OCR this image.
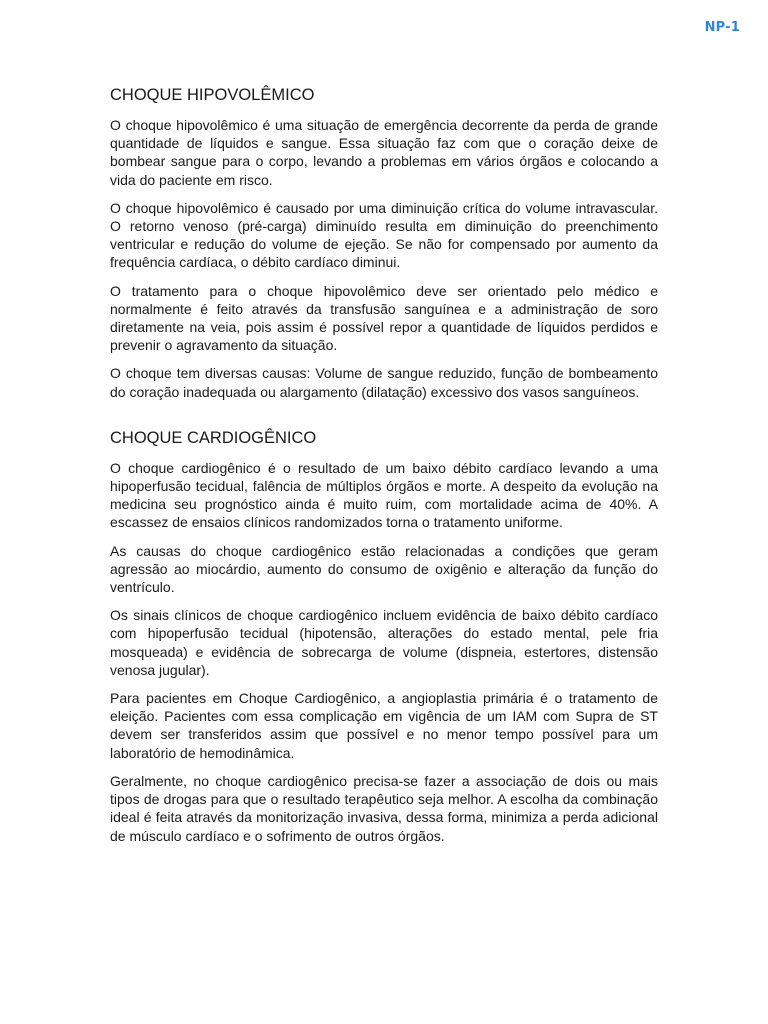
NP-1
CHOQUE HIPOVOLÊMICO

O choque hipovolêmico é uma situação de emergência decorrente da perda de grande quantidade de líquidos e sangue. Essa situação faz com que o coração deixe de bombear sangue para o corpo, levando a problemas em vários órgãos e colocando a vida do paciente em risco.

O choque hipovolêmico é causado por uma diminuição crítica do volume intravascular. O retorno venoso (pré-carga) diminuído resulta em diminuição do preenchimento ventricular e redução do volume de ejeção. Se não for compensado por aumento da frequência cardíaca, o débito cardíaco diminui.

O tratamento para o choque hipovolêmico deve ser orientado pelo médico e normalmente é feito através da transfusão sanguínea e a administração de soro diretamente na veia, pois assim é possível repor a quantidade de líquidos perdidos e prevenir o agravamento da situação.

O choque tem diversas causas: Volume de sangue reduzido, função de bombeamento do coração inadequada ou alargamento (dilatação) excessivo dos vasos sanguíneos.

CHOQUE CARDIOGÊNICO

O choque cardiogênico é o resultado de um baixo débito cardíaco levando a uma hipoperfusão tecidual, falência de múltiplos órgãos e morte. A despeito da evolução na medicina seu prognóstico ainda é muito ruim, com mortalidade acima de 40%. A escassez de ensaios clínicos randomizados torna o tratamento uniforme.

As causas do choque cardiogênico estão relacionadas a condições que geram agressão ao miocárdio, aumento do consumo de oxigênio e alteração da função do ventrículo.

Os sinais clínicos de choque cardiogênico incluem evidência de baixo débito cardíaco com hipoperfusão tecidual (hipotensão, alterações do estado mental, pele fria mosqueada) e evidência de sobrecarga de volume (dispneia, estertores, distensão venosa jugular).

Para pacientes em Choque Cardiogênico, a angioplastia primária é o tratamento de eleição. Pacientes com essa complicação em vigência de um IAM com Supra de ST devem ser transferidos assim que possível e no menor tempo possível para um laboratório de hemodinâmica.

Geralmente, no choque cardiogênico precisa-se fazer a associação de dois ou mais tipos de drogas para que o resultado terapêutico seja melhor. A escolha da combinação ideal é feita através da monitorização invasiva, dessa forma, minimiza a perda adicional de músculo cardíaco e o sofrimento de outros órgãos.
